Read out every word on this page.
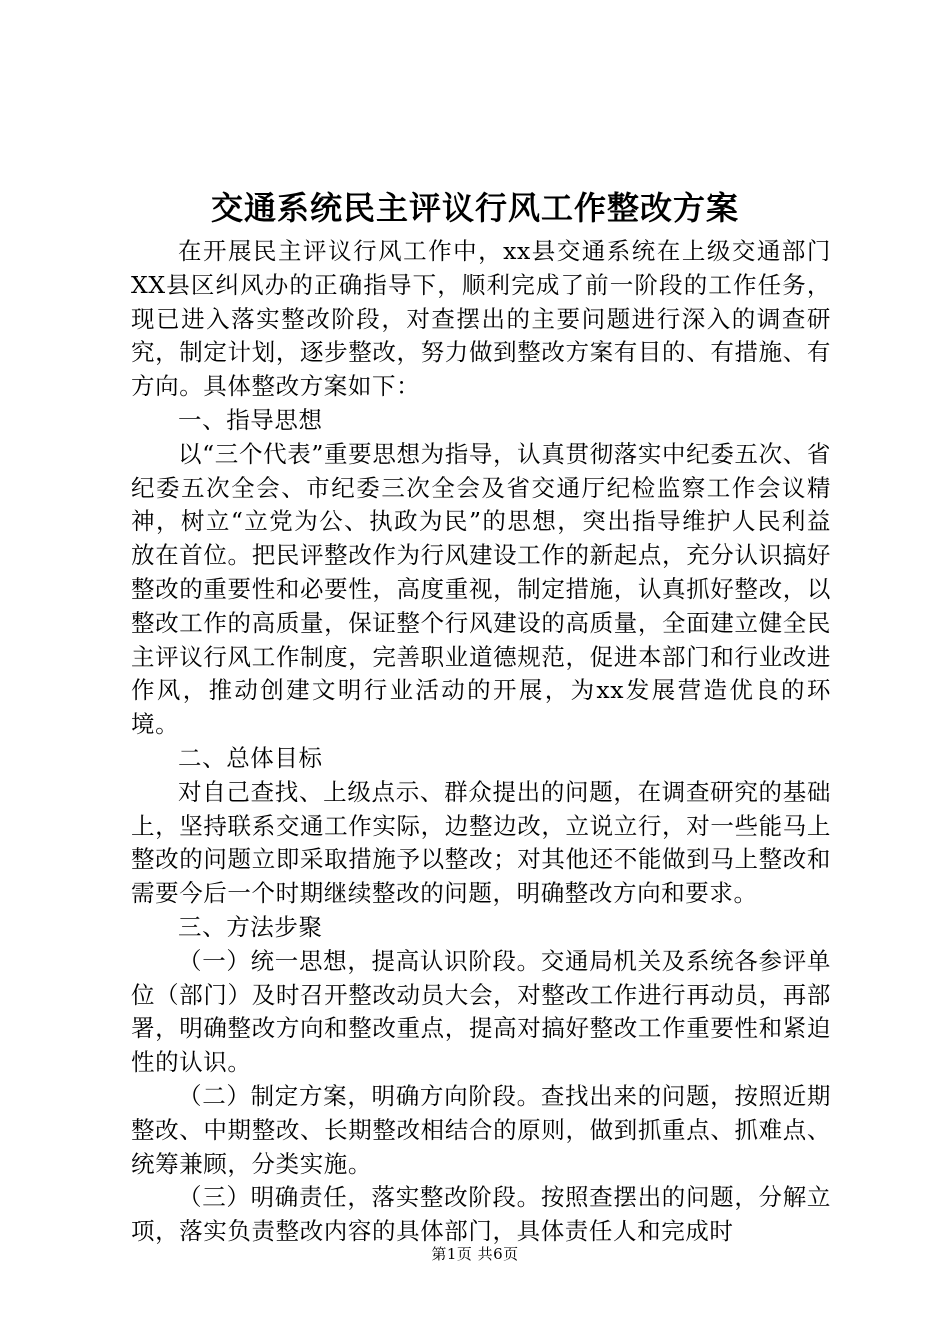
交通系统民主评议行风工作整改方案

在开展民主评议行风工作中，xx县交通系统在上级交通部门XX县区纠风办的正确指导下，顺利完成了前一阶段的工作任务，现已进入落实整改阶段，对查摆出的主要问题进行深入的调查研究，制定计划，逐步整改，努力做到整改方案有目的、有措施、有方向。具体整改方案如下：

一、指导思想

以“三个代表”重要思想为指导，认真贯彻落实中纪委五次、省纪委五次全会、市纪委三次全会及省交通厅纪检监察工作会议精神，树立“立党为公、执政为民”的思想，突出指导维护人民利益放在首位。把民评整改作为行风建设工作的新起点，充分认识搞好整改的重要性和必要性，高度重视，制定措施，认真抓好整改，以整改工作的高质量，保证整个行风建设的高质量，全面建立健全民主评议行风工作制度，完善职业道德规范，促进本部门和行业改进作风，推动创建文明行业活动的开展，为xx发展营造优良的环境。

二、总体目标

对自己查找、上级点示、群众提出的问题，在调查研究的基础上，坚持联系交通工作实际，边整边改，立说立行，对一些能马上整改的问题立即采取措施予以整改；对其他还不能做到马上整改和需要今后一个时期继续整改的问题，明确整改方向和要求。

三、方法步聚

（一）统一思想，提高认识阶段。交通局机关及系统各参评单位（部门）及时召开整改动员大会，对整改工作进行再动员，再部署，明确整改方向和整改重点，提高对搞好整改工作重要性和紧迫性的认识。

（二）制定方案，明确方向阶段。查找出来的问题，按照近期整改、中期整改、长期整改相结合的原则，做到抓重点、抓难点、统筹兼顾，分类实施。

（三）明确责任，落实整改阶段。按照查摆出的问题，分解立项，落实负责整改内容的具体部门，具体责任人和完成时

第1页 共6页
